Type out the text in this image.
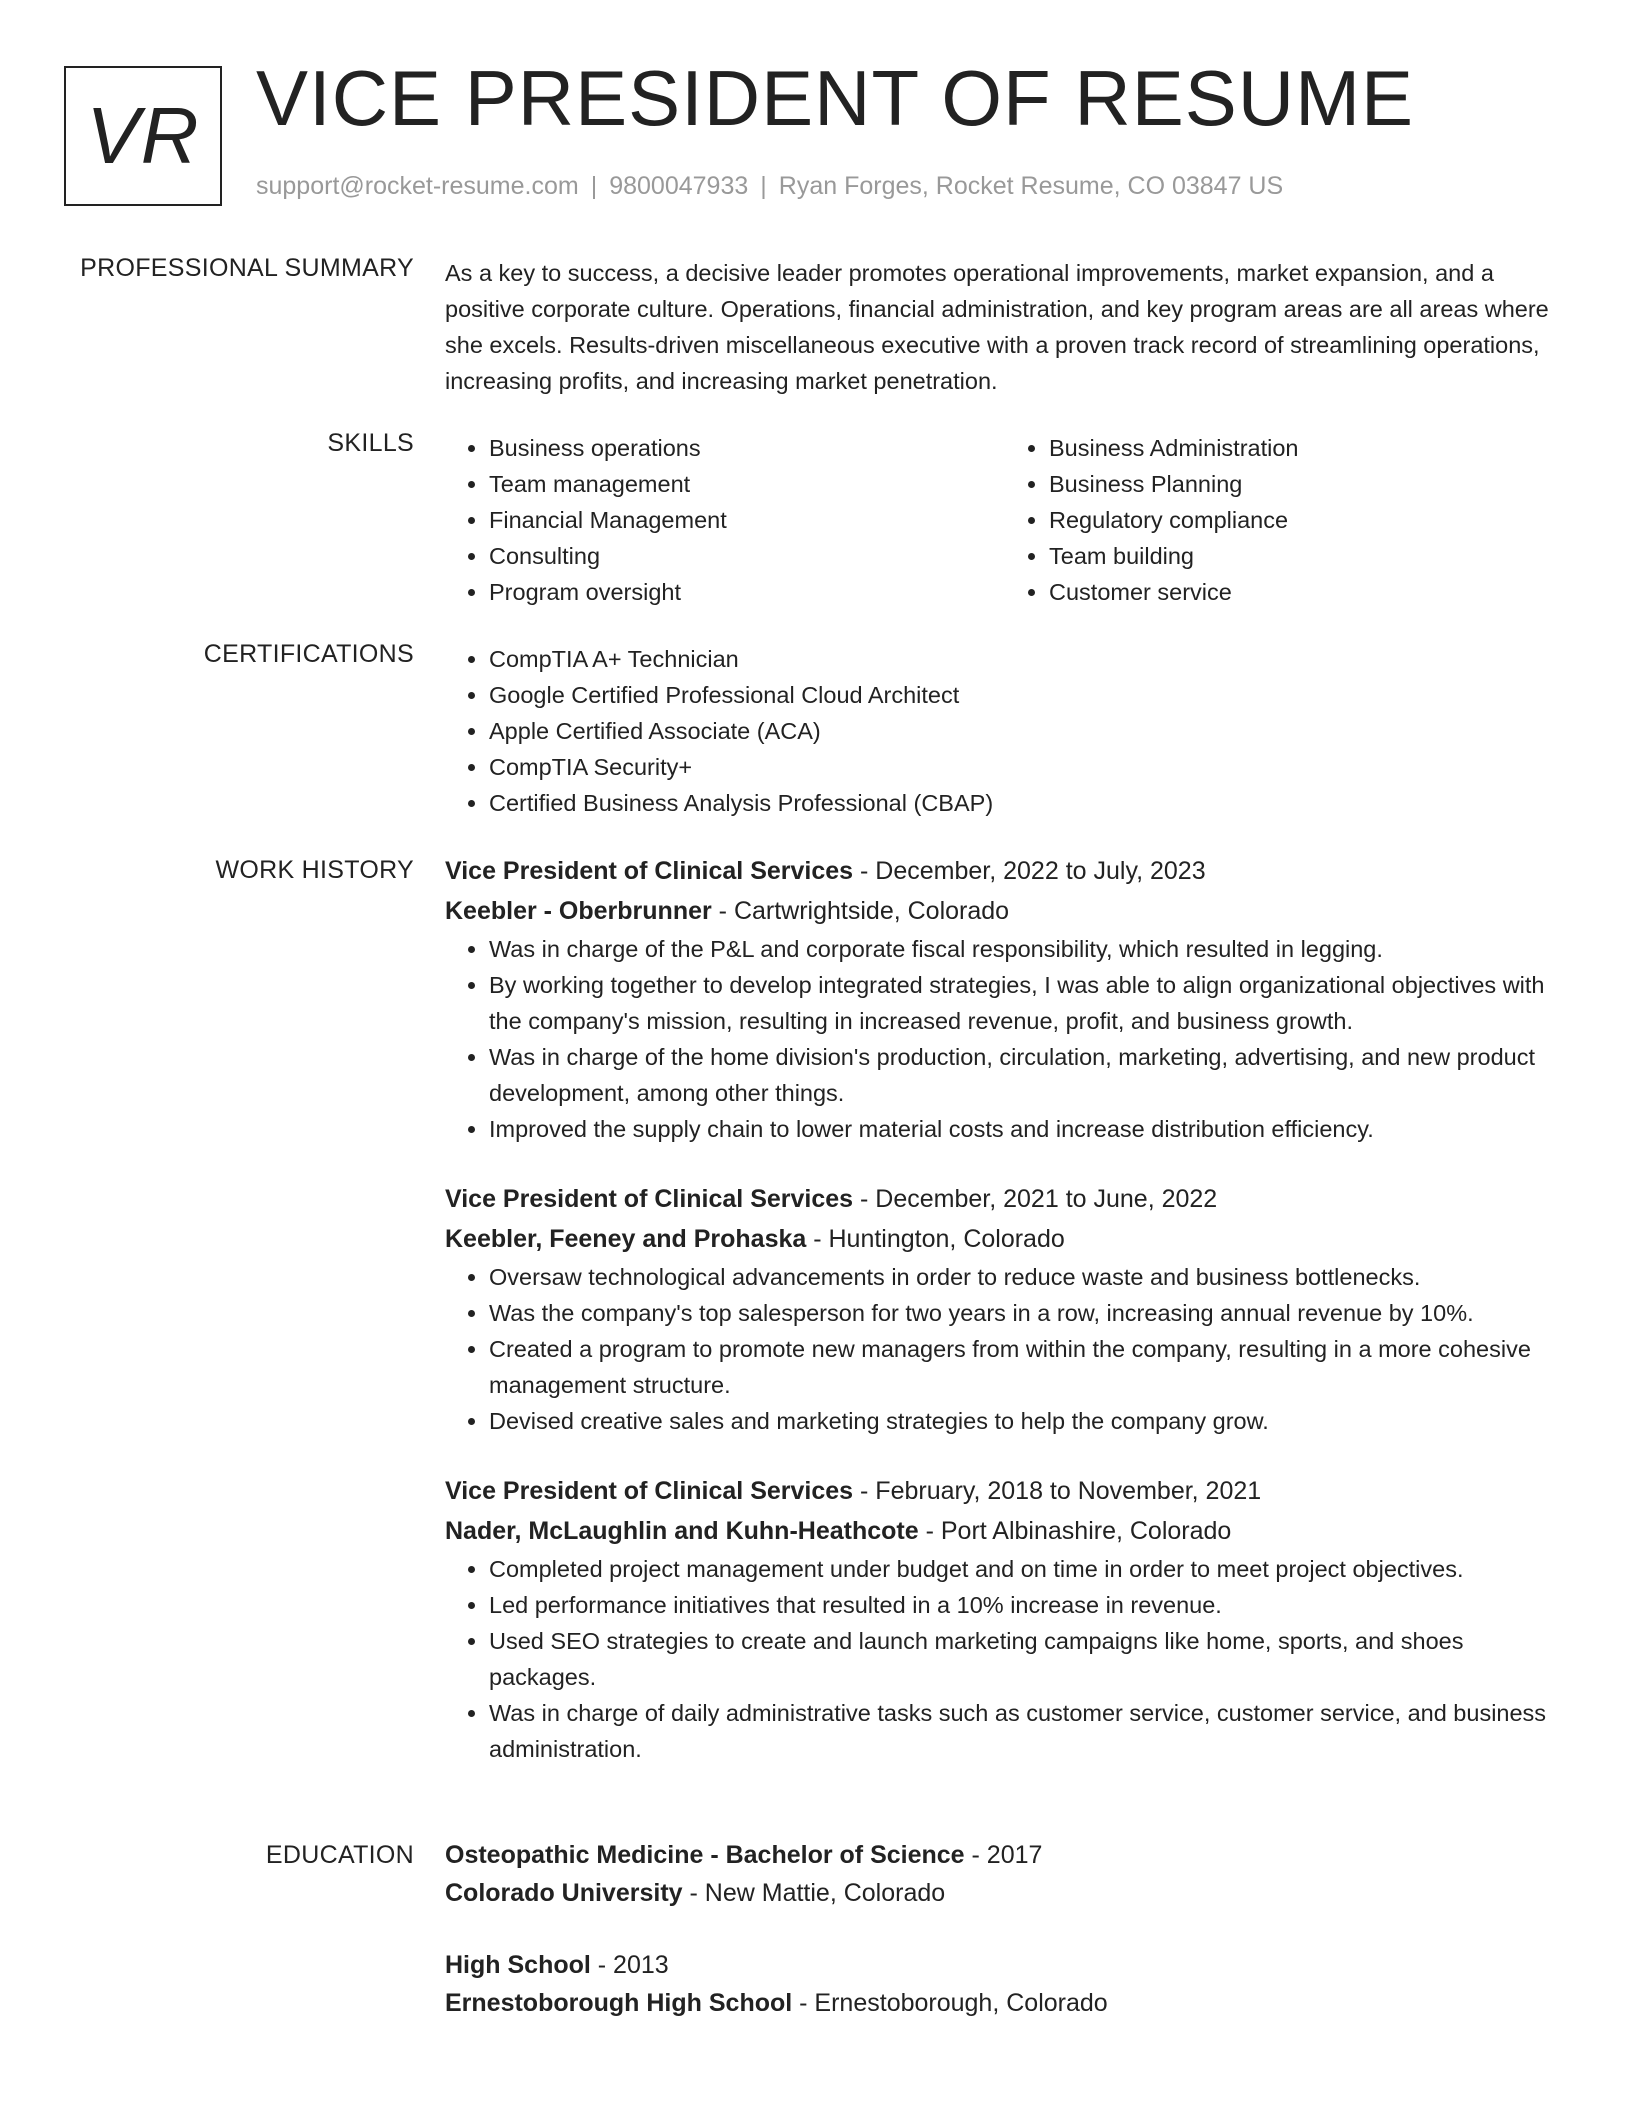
VR VICE PRESIDENT OF RESUME
support@rocket-resume.com | 9800047933 | Ryan Forges, Rocket Resume, CO 03847 US
PROFESSIONAL SUMMARY As a key to success, a decisive leader promotes operational improvements, market expansion, and a positive corporate culture. Operations, financial administration, and key program areas are all areas where she excels. Results-driven miscellaneous executive with a proven track record of streamlining operations, increasing profits, and increasing market penetration.
SKILLS	• Business operations
• Team management
• Financial Management
• Consulting
• Program oversight
• Business Administration
• Business Planning
• Regulatory compliance
• Team building
• Customer service
CERTIFICATIONS	• CompTIA A+ Technician
• Google Certified Professional Cloud Architect
• Apple Certified Associate (ACA)
• CompTIA Security+
• Certified Business Analysis Professional (CBAP)
WORK HISTORY Vice President of Clinical Services - December, 2022 to July, 2023
Keebler - Oberbrunner - Cartwrightside, Colorado
• Was in charge of the P&L and corporate fiscal responsibility, which resulted in legging.
• By working together to develop integrated strategies, I was able to align organizational objectives with the company's mission, resulting in increased revenue, profit, and business growth.
• Was in charge of the home division's production, circulation, marketing, advertising, and new product development, among other things.
• Improved the supply chain to lower material costs and increase distribution efficiency.
Vice President of Clinical Services - December, 2021 to June, 2022
Keebler, Feeney and Prohaska - Huntington, Colorado
• Oversaw technological advancements in order to reduce waste and business bottlenecks.
• Was the company's top salesperson for two years in a row, increasing annual revenue by 10%.
• Created a program to promote new managers from within the company, resulting in a more cohesive management structure.
• Devised creative sales and marketing strategies to help the company grow.
Vice President of Clinical Services - February, 2018 to November, 2021
Nader, McLaughlin and Kuhn-Heathcote - Port Albinashire, Colorado
• Completed project management under budget and on time in order to meet project objectives.
• Led performance initiatives that resulted in a 10% increase in revenue.
• Used SEO strategies to create and launch marketing campaigns like home, sports, and shoes packages.
• Was in charge of daily administrative tasks such as customer service, customer service, and business administration.
EDUCATION Osteopathic Medicine - Bachelor of Science - 2017
Colorado University - New Mattie, Colorado
High School - 2013
Ernestoborough High School - Ernestoborough, Colorado
